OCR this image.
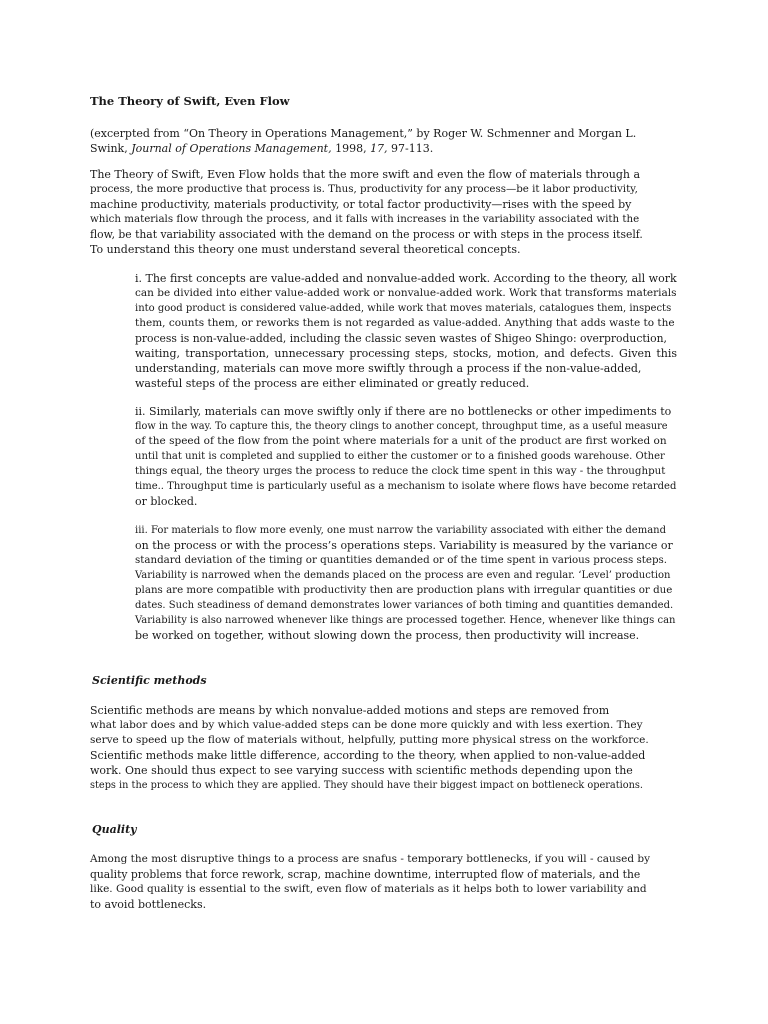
The Theory of Swift, Even Flow

(excerpted from “On Theory in Operations Management,” by Roger W. Schmenner and Morgan L. Swink, Journal of Operations Management, 1998, 17, 97-113.

The Theory of Swift, Even Flow holds that the more swift and even the flow of materials through a
process, the more productive that process is. Thus, productivity for any process—be it labor productivity,
machine productivity, materials productivity, or total factor productivity—rises with the speed by
which materials flow through the process, and it falls with increases in the variability associated with the
flow, be that variability associated with the demand on the process or with steps in the process itself.
To understand this theory one must understand several theoretical concepts.
i. The first concepts are value-added and nonvalue-added work. According to the theory, all work
can be divided into either value-added work or nonvalue-added work. Work that transforms materials
into good product is considered value-added, while work that moves materials, catalogues them, inspects
them, counts them, or reworks them is not regarded as value-added. Anything that adds waste to the
process is non-value-added, including the classic seven wastes of Shigeo Shingo: overproduction,
waiting, transportation, unnecessary processing steps, stocks, motion, and defects. Given this
understanding, materials can move more swiftly through a process if the non-value-added,
wasteful steps of the process are either eliminated or greatly reduced.
ii. Similarly, materials can move swiftly only if there are no bottlenecks or other impediments to
flow in the way. To capture this, the theory clings to another concept, throughput time, as a useful measure
of the speed of the flow from the point where materials for a unit of the product are first worked on
until that unit is completed and supplied to either the customer or to a finished goods warehouse. Other
things equal, the theory urges the process to reduce the clock time spent in this way - the throughput
time.. Throughput time is particularly useful as a mechanism to isolate where flows have become retarded
or blocked.
iii. For materials to flow more evenly, one must narrow the variability associated with either the demand
on the process or with the process’s operations steps. Variability is measured by the variance or
standard deviation of the timing or quantities demanded or of the time spent in various process steps.
Variability is narrowed when the demands placed on the process are even and regular. ‘Level’ production
plans are more compatible with productivity then are production plans with irregular quantities or due
dates. Such steadiness of demand demonstrates lower variances of both timing and quantities demanded.
Variability is also narrowed whenever like things are processed together. Hence, whenever like things can
be worked on together, without slowing down the process, then productivity will increase.
Scientific methods
Scientific methods are means by which nonvalue-added motions and steps are removed from
what labor does and by which value-added steps can be done more quickly and with less exertion. They
serve to speed up the flow of materials without, helpfully, putting more physical stress on the workforce.
Scientific methods make little difference, according to the theory, when applied to non-value-added
work. One should thus expect to see varying success with scientific methods depending upon the
steps in the process to which they are applied. They should have their biggest impact on bottleneck operations.
Quality
Among the most disruptive things to a process are snafus - temporary bottlenecks, if you will - caused by
quality problems that force rework, scrap, machine downtime, interrupted flow of materials, and the
like. Good quality is essential to the swift, even flow of materials as it helps both to lower variability and
to avoid bottlenecks.
